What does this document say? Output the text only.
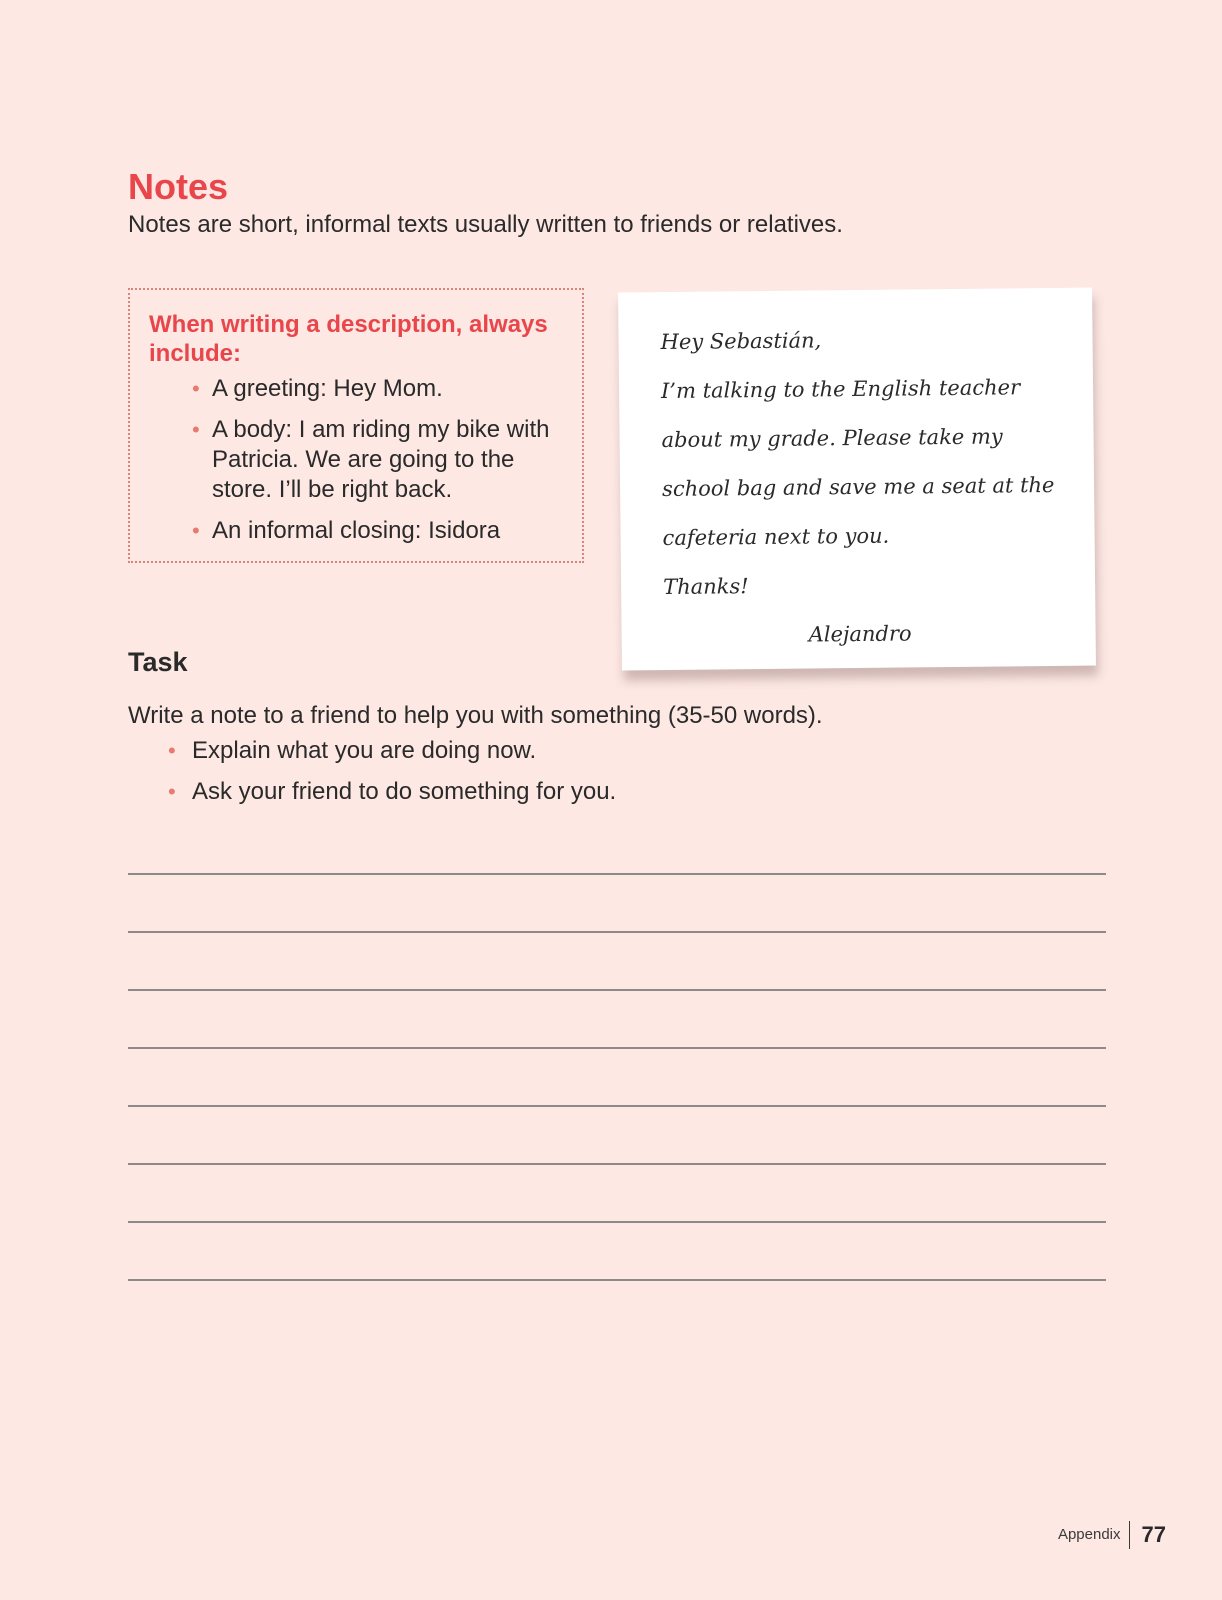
Notes

Notes are short, informal texts usually written to friends or relatives.

When writing a description, always include:

• A greeting: Hey Mom.
• A body: I am riding my bike with Patricia. We are going to the store. I’ll be right back.
• An informal closing: Isidora

Hey Sebastián,

I’m talking to the English teacher

about my grade. Please take my

school bag and save me a seat at the

cafeteria next to you.

Thanks!

Alejandro

Task

Write a note to a friend to help you with something (35-50 words).

• Explain what you are doing now.
• Ask your friend to do something for you.
Appendix 77
